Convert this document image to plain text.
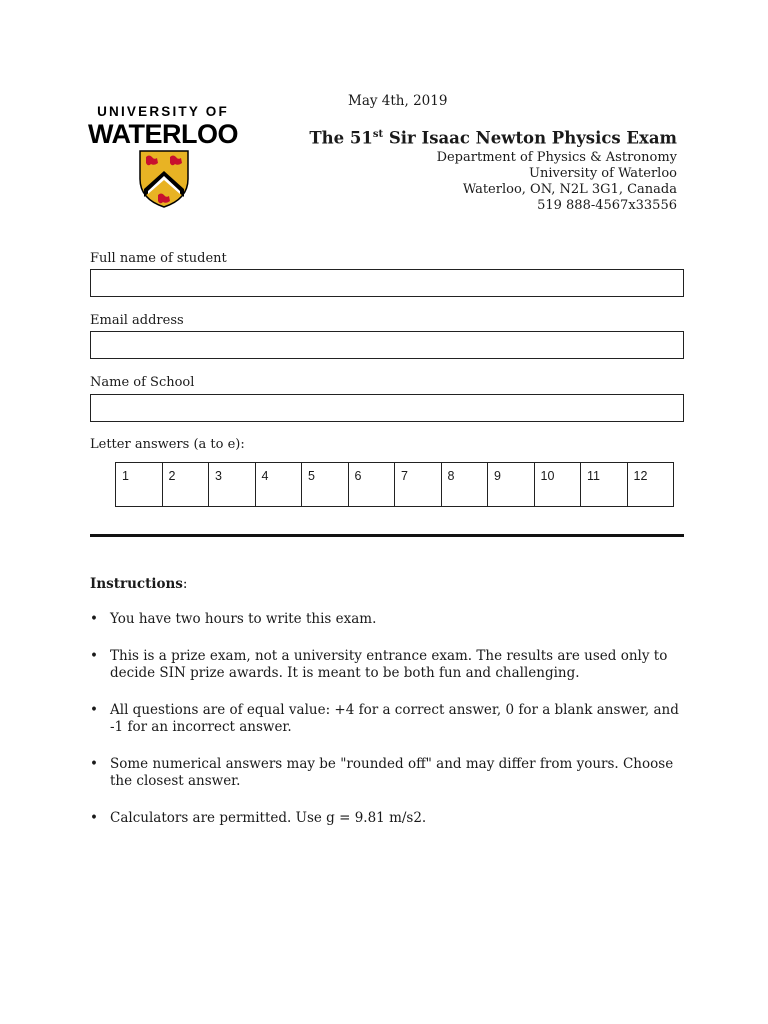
UNIVERSITY OF
WATERLOO
May 4th, 2019
The 51st Sir Isaac Newton Physics Exam
Department of Physics & Astronomy
University of Waterloo
Waterloo, ON, N2L 3G1, Canada
519 888-4567x33556
Full name of student
Email address
Name of School
Letter answers (a to e):
1	2	3	4	5	6	7	8	9	10	11	12
Instructions:
• You have two hours to write this exam.
• This is a prize exam, not a university entrance exam. The results are used only to decide SIN prize awards. It is meant to be both fun and challenging.
• All questions are of equal value: +4 for a correct answer, 0 for a blank answer, and -1 for an incorrect answer.
• Some numerical answers may be "rounded off" and may differ from yours. Choose the closest answer.
• Calculators are permitted. Use g = 9.81 m/s2.
